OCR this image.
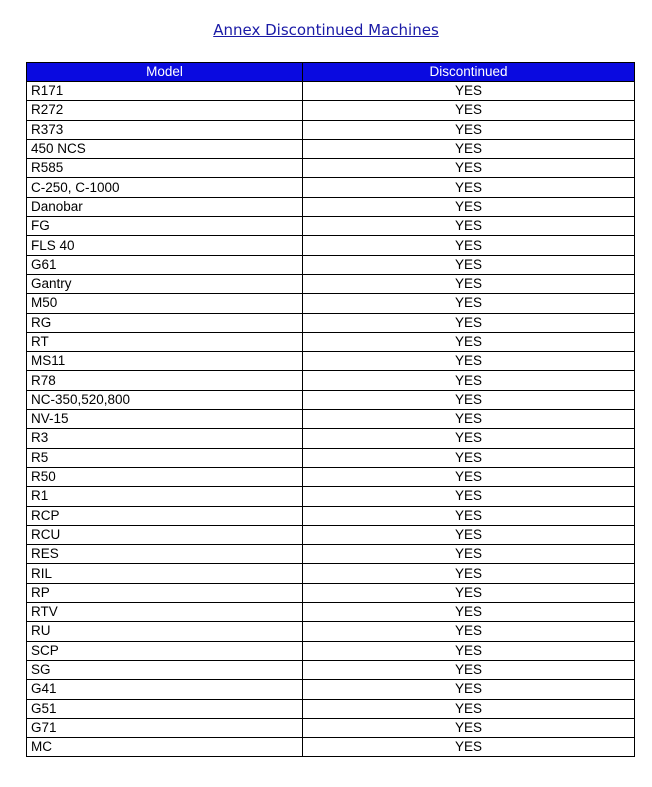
Annex Discontinued Machines
Model	Discontinued
R171	YES
R272	YES
R373	YES
450 NCS	YES
R585	YES
C-250, C-1000	YES
Danobar	YES
FG	YES
FLS 40	YES
G61	YES
Gantry	YES
M50	YES
RG	YES
RT	YES
MS11	YES
R78	YES
NC-350,520,800	YES
NV-15	YES
R3	YES
R5	YES
R50	YES
R1	YES
RCP	YES
RCU	YES
RES	YES
RIL	YES
RP	YES
RTV	YES
RU	YES
SCP	YES
SG	YES
G41	YES
G51	YES
G71	YES
MC	YES
